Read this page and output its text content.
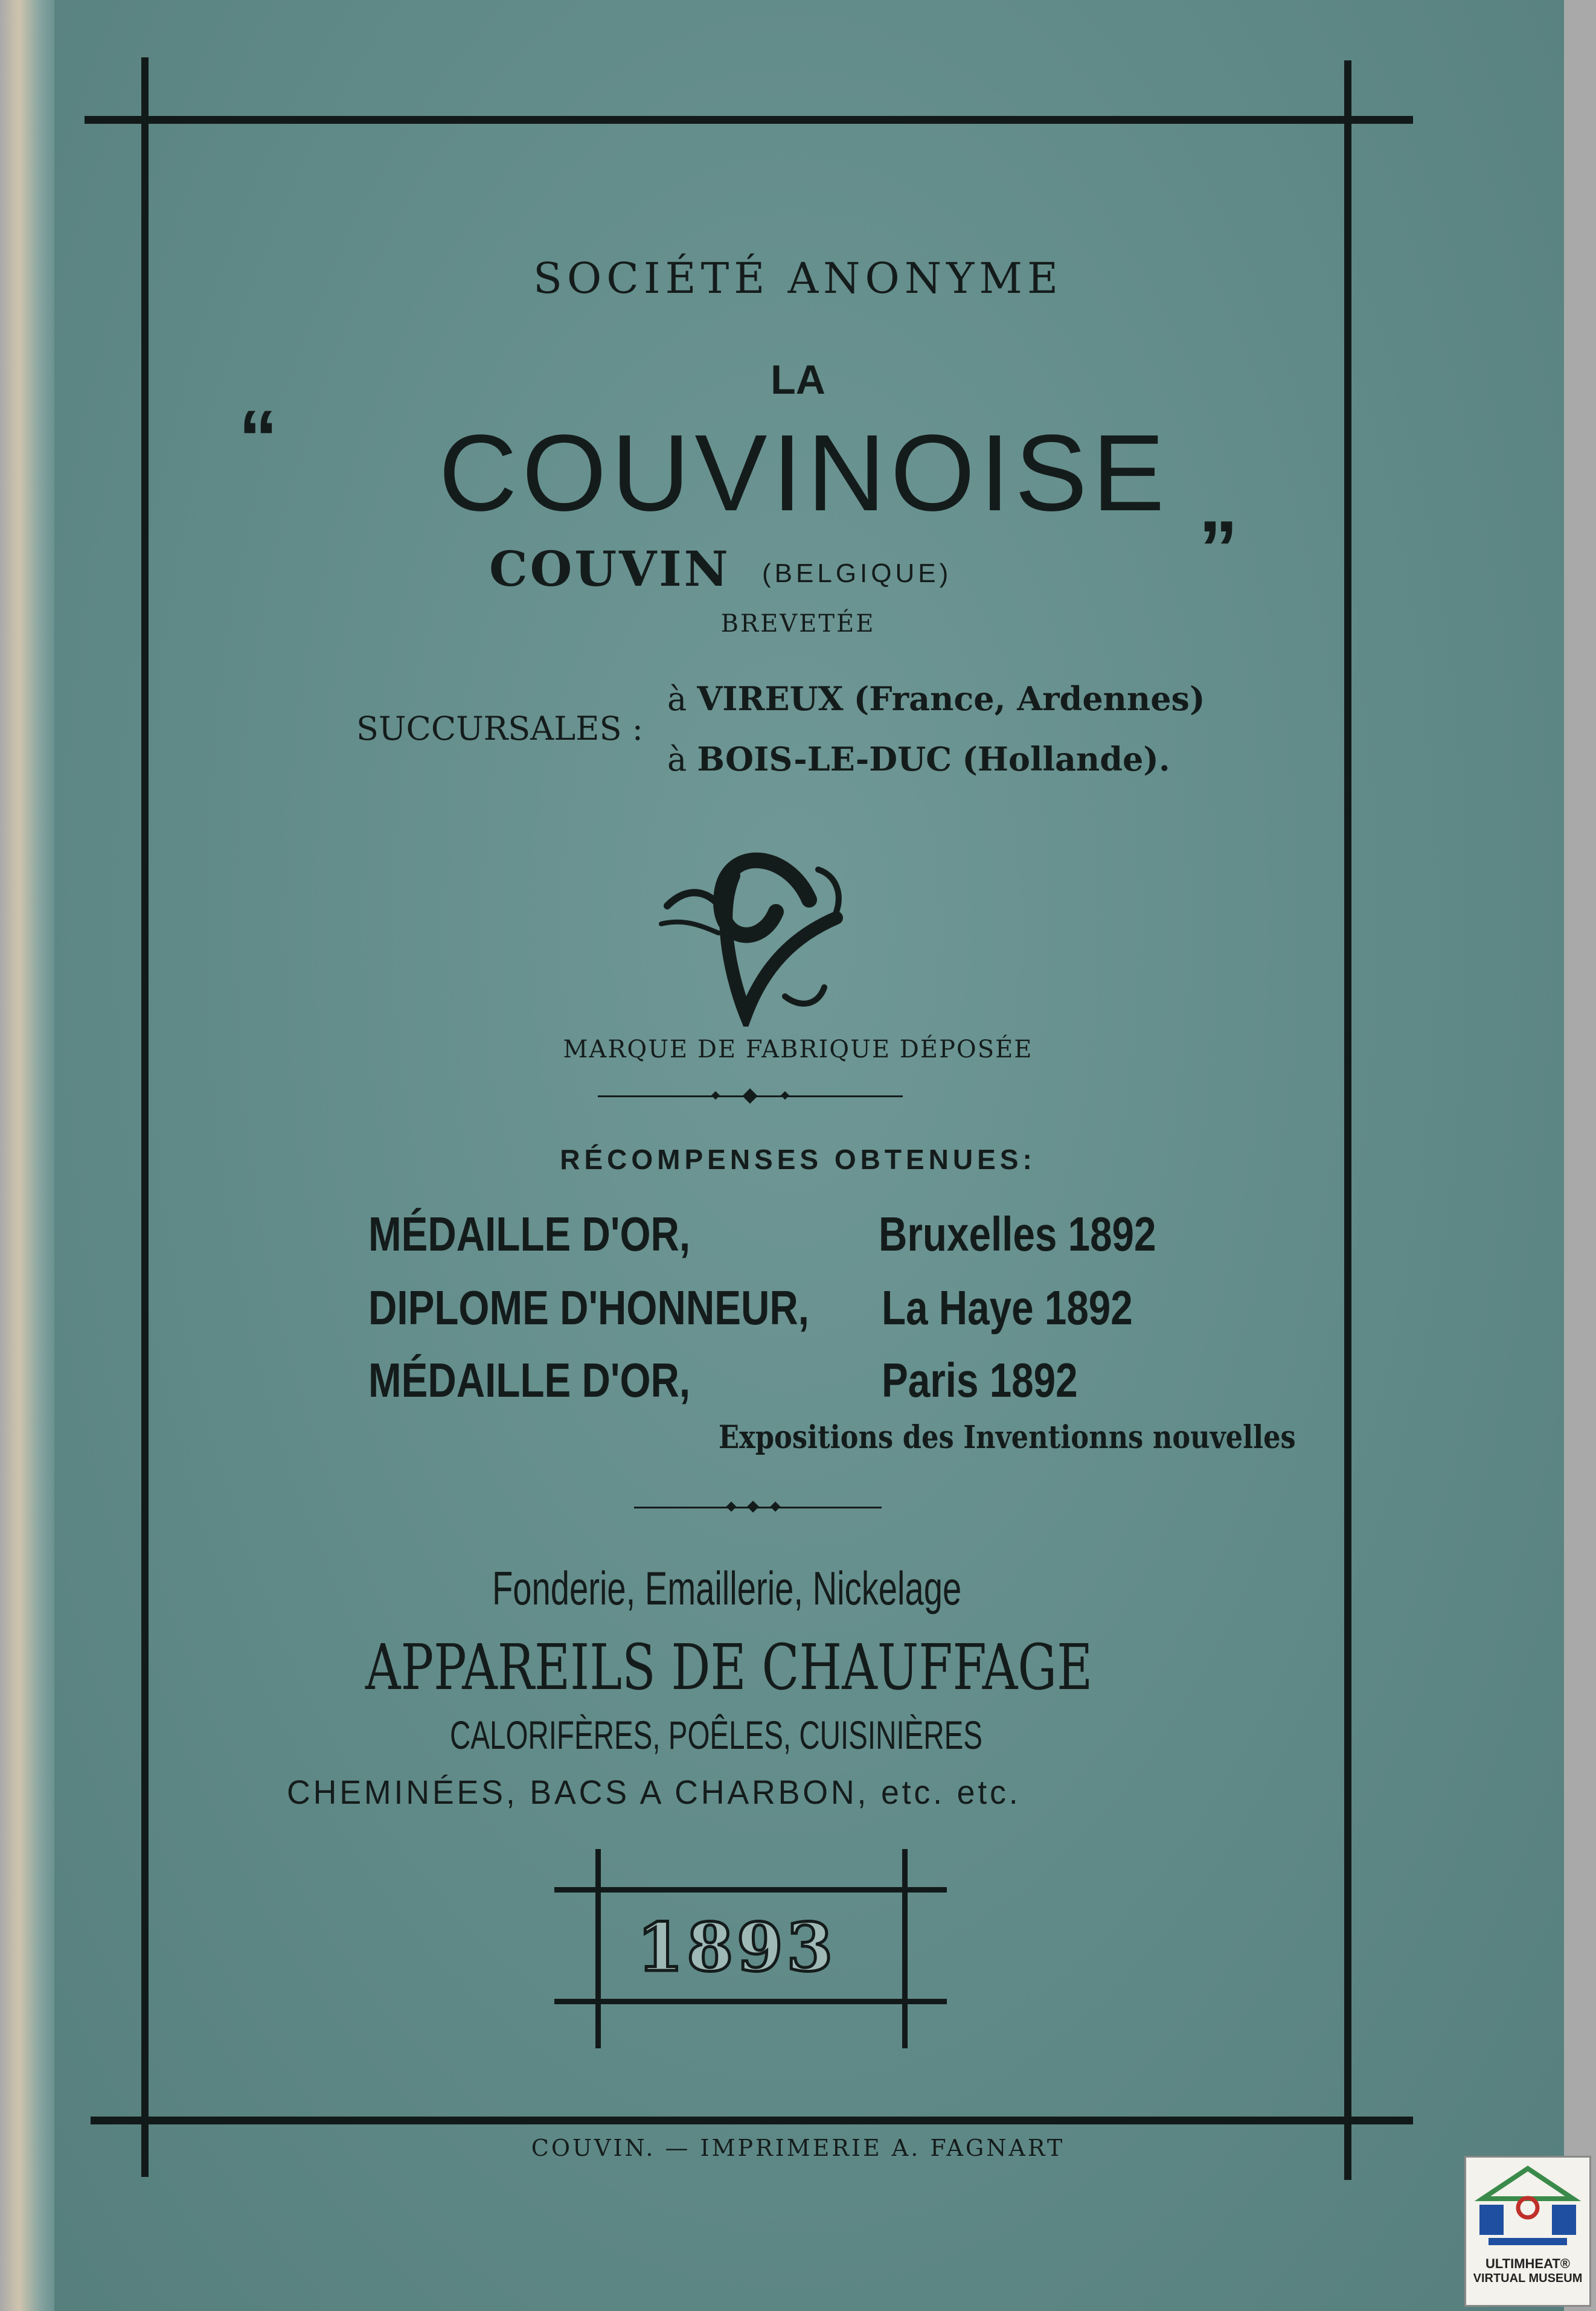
SOCIÉTÉ ANONYME
LA
“	COUVINOISE „
COUVIN (BELGIQUE)
BREVETÉE
SUCCURSALES :
à VIREUX (France, Ardennes)
à BOIS-LE-DUC (Hollande).
MARQUE DE FABRIQUE DÉPOSÉE
RÉCOMPENSES OBTENUES:
MÉDAILLE D'OR,	Bruxelles 1892
DIPLOME D'HONNEUR,	La Haye 1892
MÉDAILLE D'OR,	Paris 1892
Expositions des Inventionns nouvelles
Fonderie, Emaillerie, Nickelage
APPAREILS DE CHAUFFAGE
CALORIFÈRES, POÊLES, CUISINIÈRES
CHEMINÉES, BACS A CHARBON, etc. etc.
1893
COUVIN. — IMPRIMERIE A. FAGNART
ULTIMHEAT®
VIRTUAL MUSEUM
